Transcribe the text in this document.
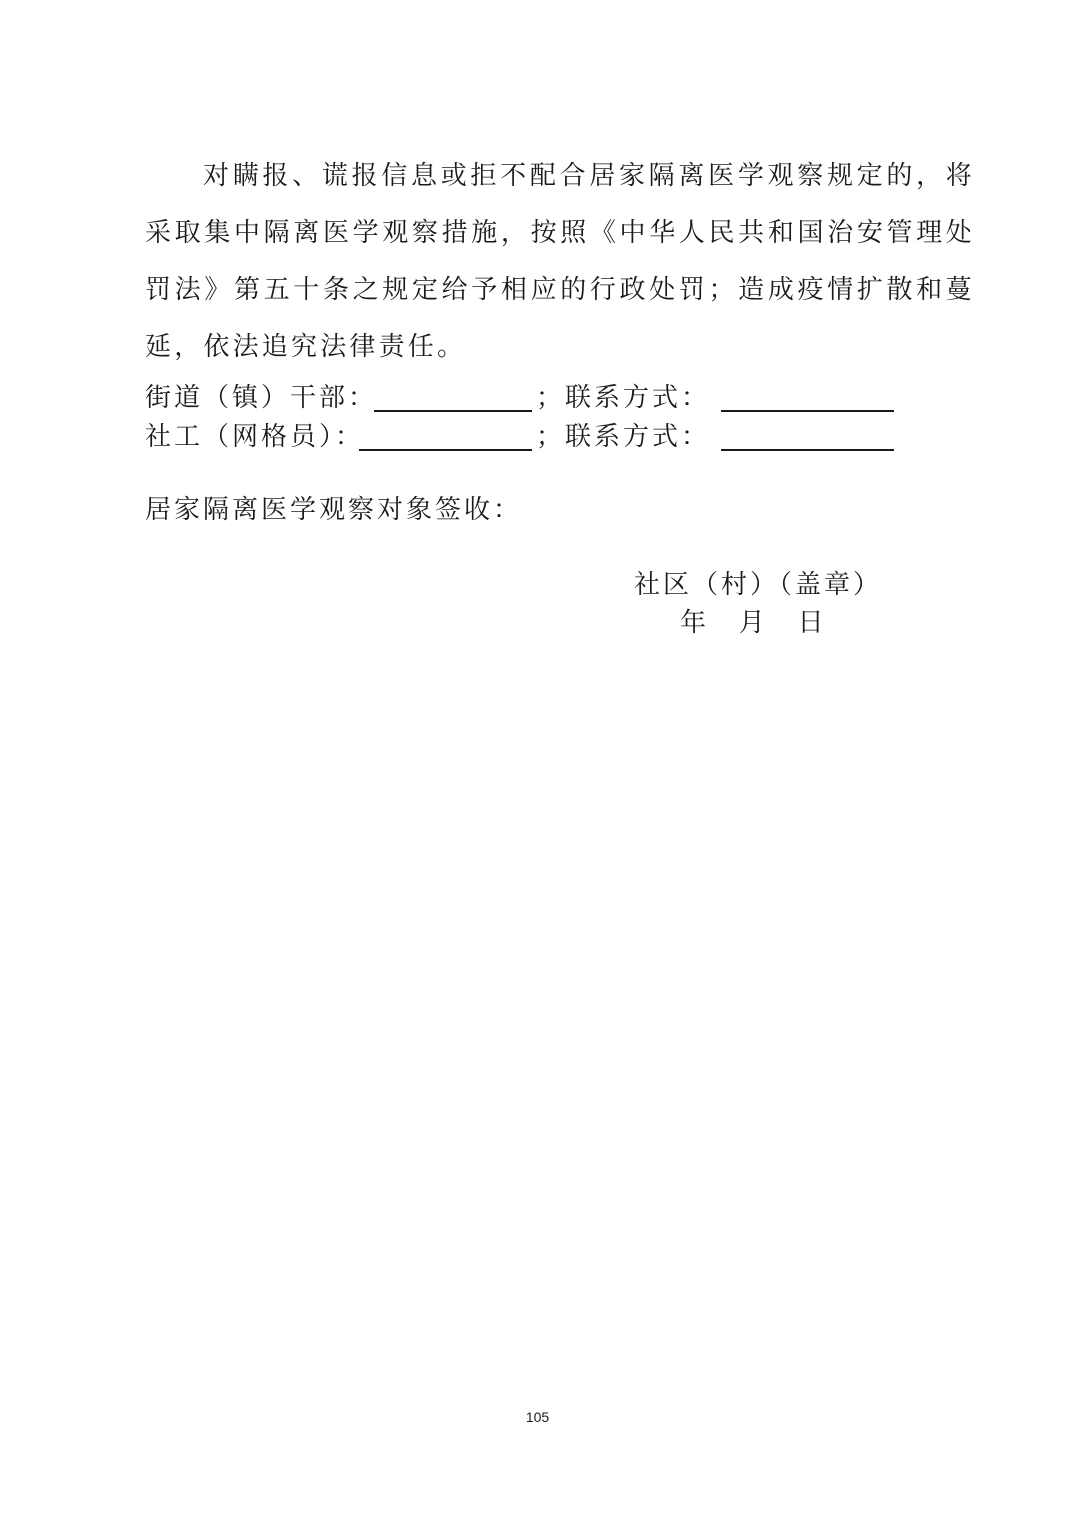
对瞒报、谎报信息或拒不配合居家隔离医学观察规定的，将采取集中隔离医学观察措施，按照《中华人民共和国治安管理处罚法》第五十条之规定给予相应的行政处罚；造成疫情扩散和蔓延，依法追究法律责任。

街道（镇）干部：	；联系方式：
社工（网格员）：	；联系方式：
居家隔离医学观察对象签收：
社区（村）（盖章）
年   月   日
105
